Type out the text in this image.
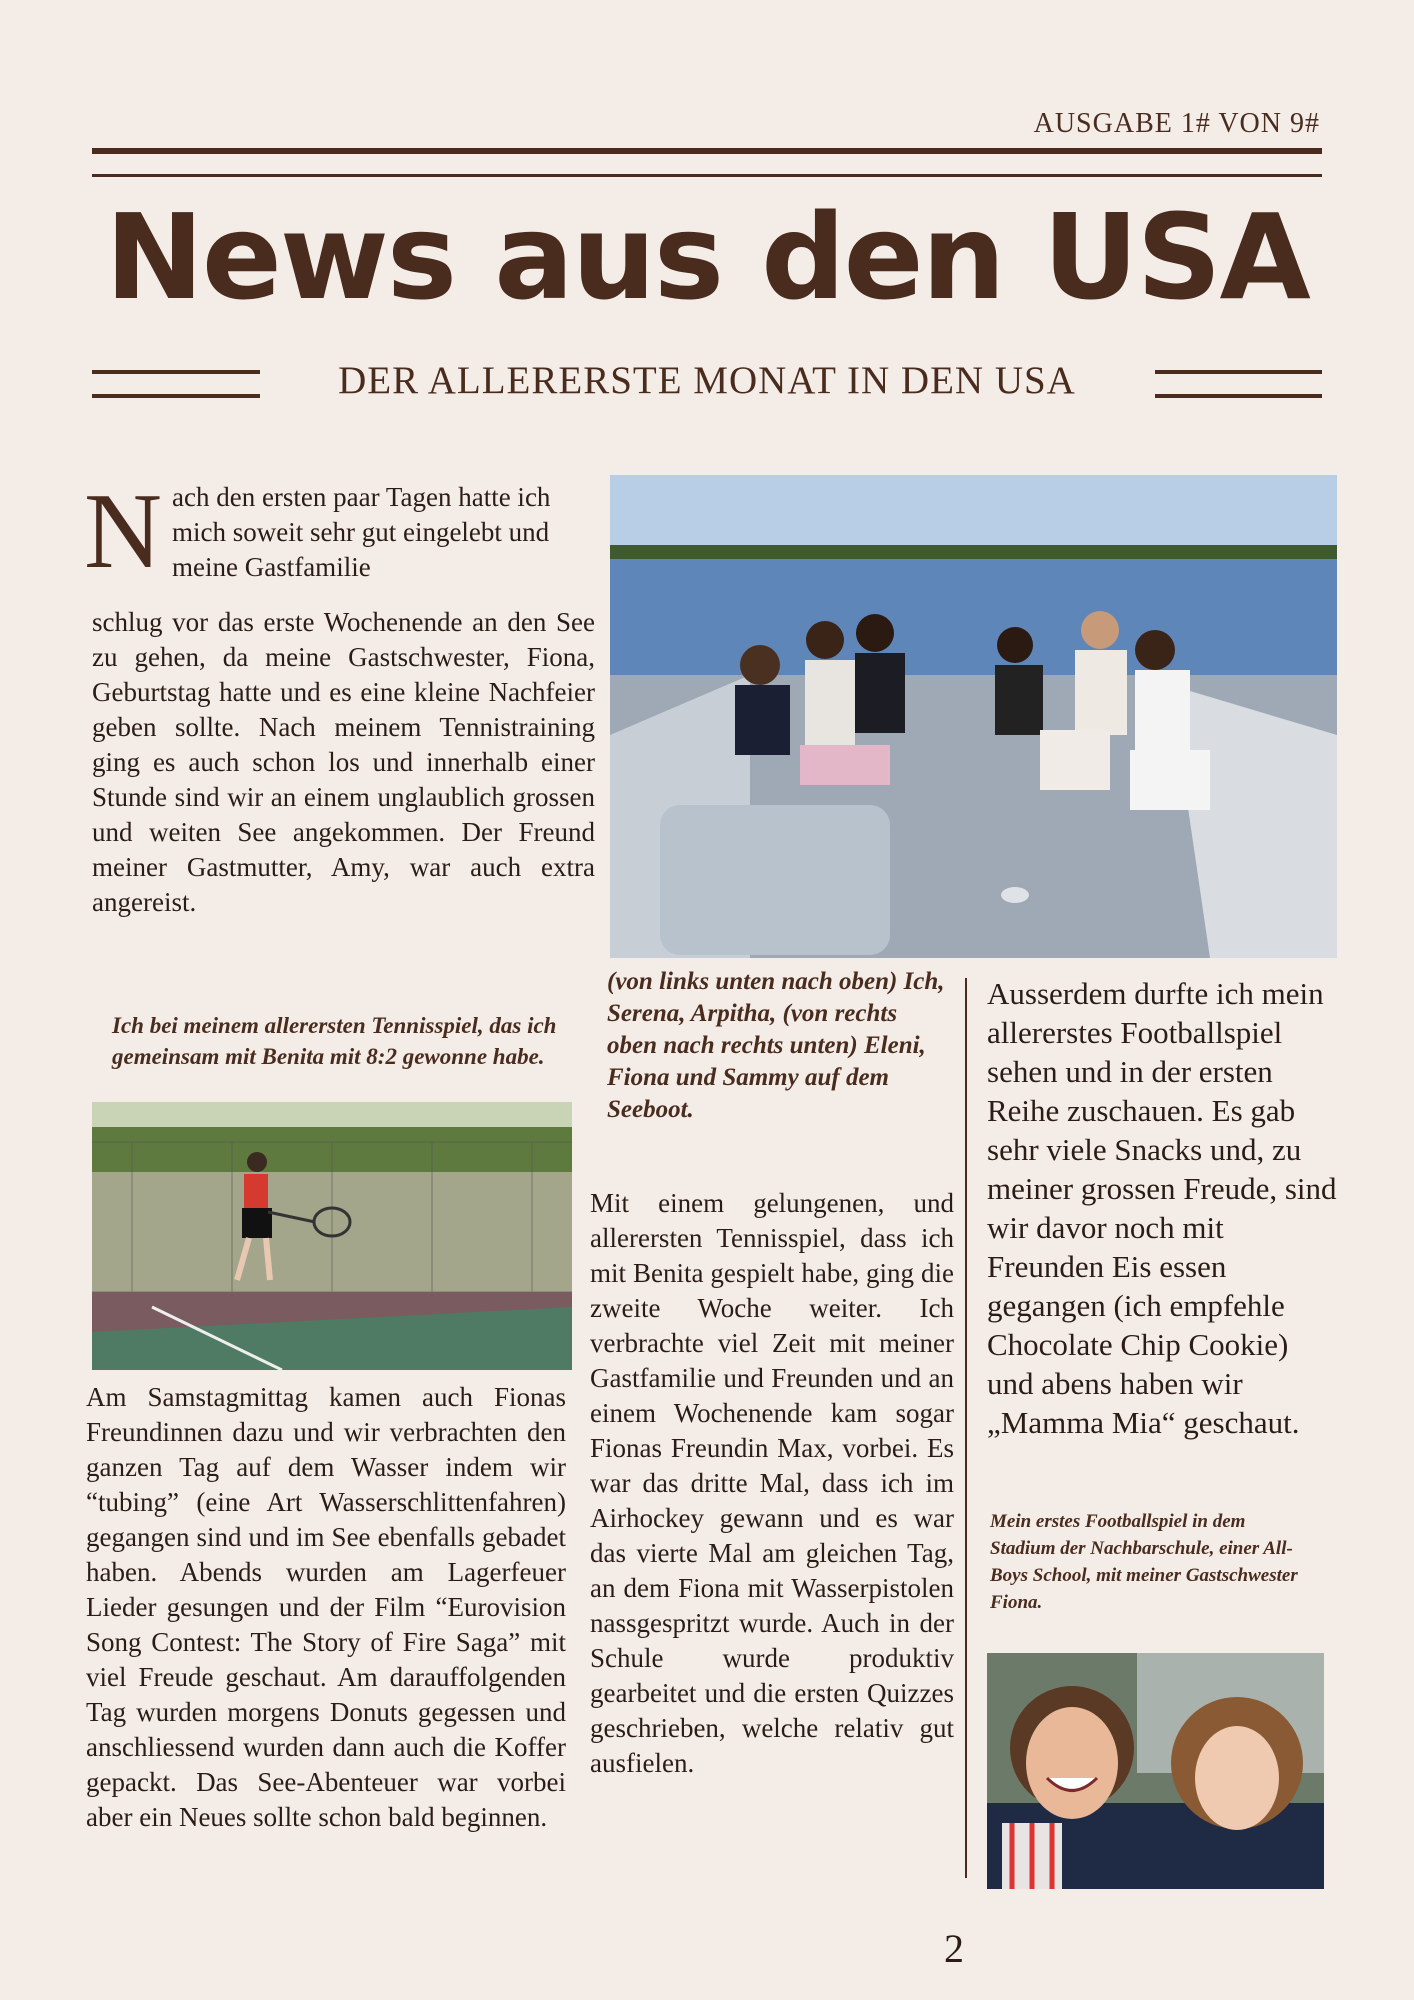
AUSGABE 1# VON 9#
News aus den USA
DER ALLERERSTE MONAT IN DEN USA
N ach den ersten paar Tagen hatte ich mich soweit sehr gut eingelebt und meine Gastfamilie
schlug vor das erste Wochenende an den See zu gehen, da meine Gastschwester, Fiona, Geburtstag hatte und es eine kleine Nachfeier geben sollte. Nach meinem Tennistraining ging es auch schon los und innerhalb einer Stunde sind wir an einem unglaublich grossen und weiten See angekommen. Der Freund meiner Gastmutter, Amy, war auch extra angereist.
Ich bei meinem allerersten Tennisspiel, das ich gemeinsam mit Benita mit 8:2 gewonne habe.
Am Samstagmittag kamen auch Fionas Freundinnen dazu und wir verbrachten den ganzen Tag auf dem Wasser indem wir “tubing” (eine Art Wasserschlittenfahren) gegangen sind und im See ebenfalls gebadet haben. Abends wurden am Lagerfeuer Lieder gesungen und der Film “Eurovision Song Contest: The Story of Fire Saga” mit viel Freude geschaut. Am darauffolgenden Tag wurden morgens Donuts gegessen und anschliessend wurden dann auch die Koffer gepackt. Das See-Abenteuer war vorbei aber ein Neues sollte schon bald beginnen.
(von links unten nach oben) Ich, Serena, Arpitha, (von rechts oben nach rechts unten) Eleni, Fiona und Sammy auf dem Seeboot.
Mit einem gelungenen, und allerersten Tennisspiel, dass ich mit Benita gespielt habe, ging die zweite Woche weiter. Ich verbrachte viel Zeit mit meiner Gastfamilie und Freunden und an einem Wochenende kam sogar Fionas Freundin Max, vorbei. Es war das dritte Mal, dass ich im Airhockey gewann und es war das vierte Mal am gleichen Tag, an dem Fiona mit Wasserpistolen nassgespritzt wurde. Auch in der Schule wurde produktiv gearbeitet und die ersten Quizzes geschrieben, welche relativ gut ausfielen.
Ausserdem durfte ich mein allererstes Footballspiel sehen und in der ersten Reihe zuschauen. Es gab sehr viele Snacks und, zu meiner grossen Freude, sind wir davor noch mit Freunden Eis essen gegangen (ich empfehle Chocolate Chip Cookie) und abens haben wir „Mamma Mia“ geschaut.
Mein erstes Footballspiel in dem Stadium der Nachbarschule, einer All-Boys School, mit meiner Gastschwester Fiona.
2
